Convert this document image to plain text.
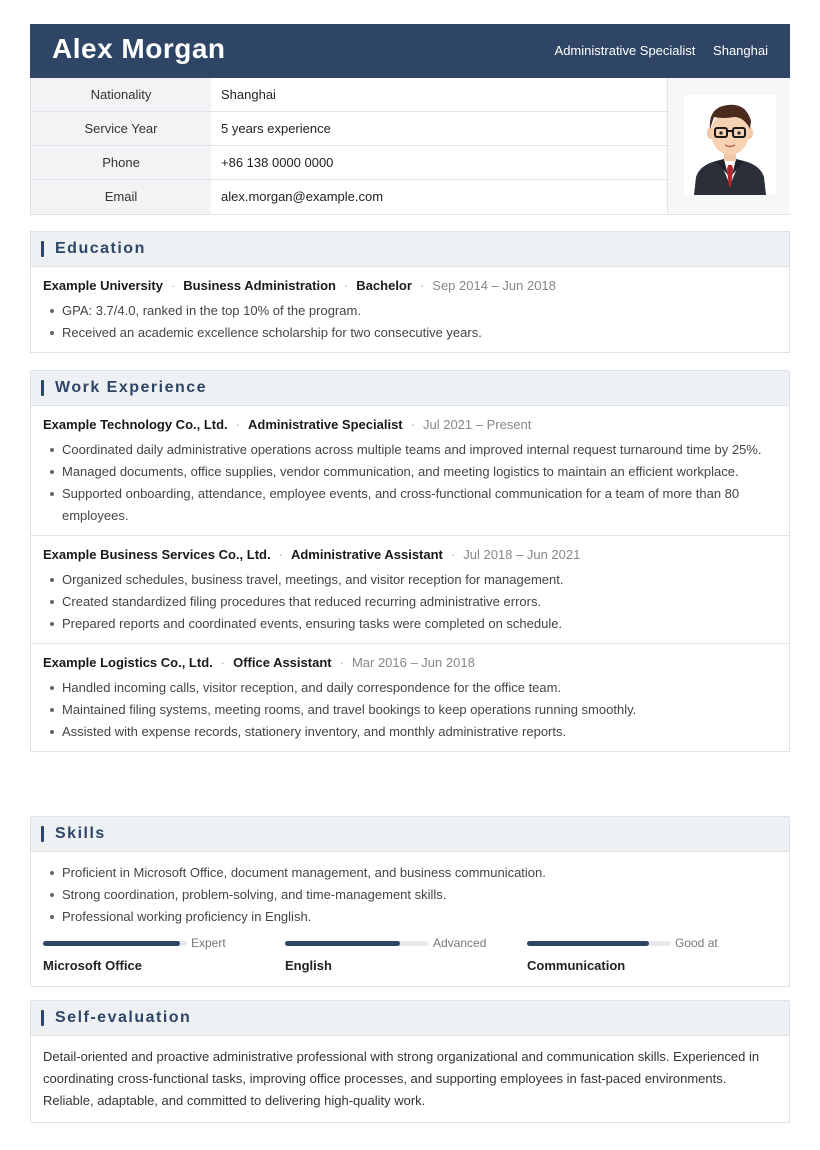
Alex Morgan	Administrative Specialist Shanghai
Nationality	Shanghai
Service Year	5 years experience
Phone	+86 138 0000 0000
Email	alex.morgan@example.com
Education
Example University · Business Administration · Bachelor · Sep 2014 – Jun 2018
GPA: 3.7/4.0, ranked in the top 10% of the program.
Received an academic excellence scholarship for two consecutive years.
Work Experience
Example Technology Co., Ltd. · Administrative Specialist · Jul 2021 – Present
Coordinated daily administrative operations across multiple teams and improved internal request turnaround time by 25%.
Managed documents, office supplies, vendor communication, and meeting logistics to maintain an efficient workplace.
Supported onboarding, attendance, employee events, and cross-functional communication for a team of more than 80 employees.
Example Business Services Co., Ltd. · Administrative Assistant · Jul 2018 – Jun 2021
Organized schedules, business travel, meetings, and visitor reception for management.
Created standardized filing procedures that reduced recurring administrative errors.
Prepared reports and coordinated events, ensuring tasks were completed on schedule.
Example Logistics Co., Ltd. · Office Assistant · Mar 2016 – Jun 2018
Handled incoming calls, visitor reception, and daily correspondence for the office team.
Maintained filing systems, meeting rooms, and travel bookings to keep operations running smoothly.
Assisted with expense records, stationery inventory, and monthly administrative reports.
Skills
Proficient in Microsoft Office, document management, and business communication.
Strong coordination, problem-solving, and time-management skills.
Professional working proficiency in English.
Expert
Microsoft Office
Advanced
English
Good at
Communication
Self-evaluation
Detail-oriented and proactive administrative professional with strong organizational and communication skills. Experienced in coordinating cross-functional tasks, improving office processes, and supporting employees in fast-paced environments. Reliable, adaptable, and committed to delivering high-quality work.
